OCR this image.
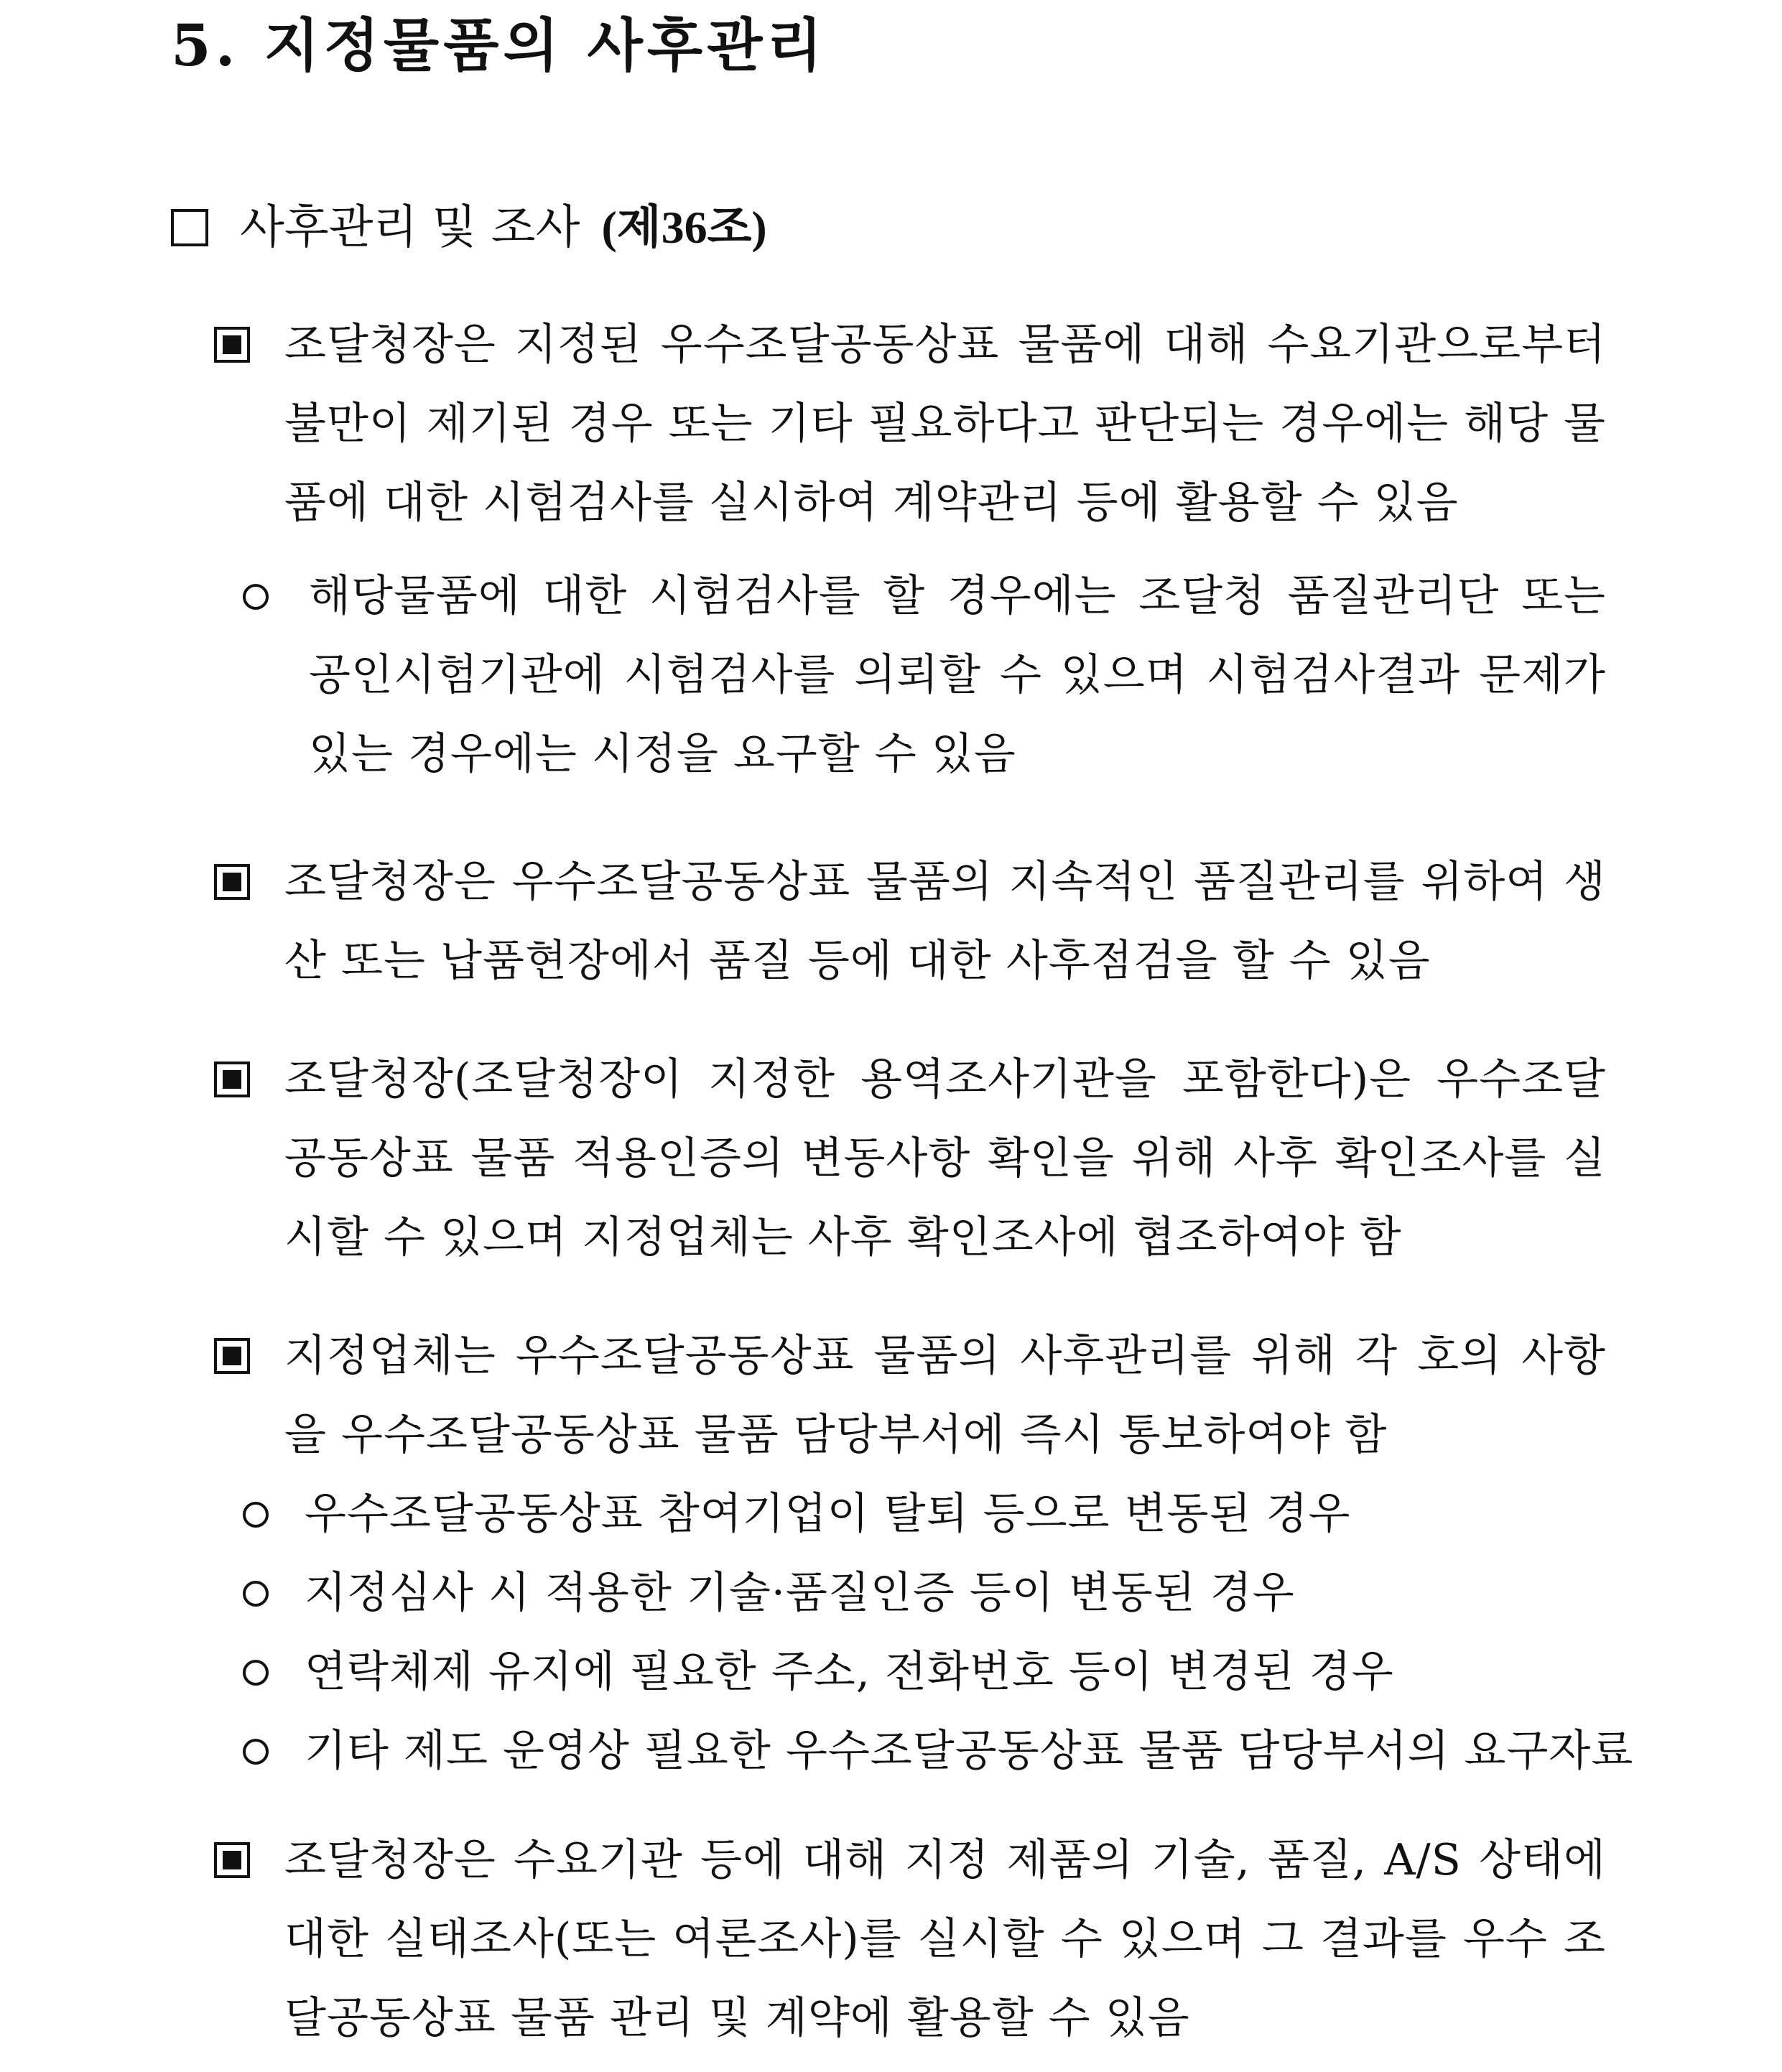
5. 지정물품의 사후관리
사후관리 및 조사 (제36조)
조달청장은 지정된 우수조달공동상표 물품에 대해 수요기관으로부터 불만이 제기된 경우 또는 기타 필요하다고 판단되는 경우에는 해당 물품에 대한 시험검사를 실시하여 계약관리 등에 활용할 수 있음
해당물품에 대한 시험검사를 할 경우에는 조달청 품질관리단 또는 공인시험기관에 시험검사를 의뢰할 수 있으며 시험검사결과 문제가 있는 경우에는 시정을 요구할 수 있음
조달청장은 우수조달공동상표 물품의 지속적인 품질관리를 위하여 생산 또는 납품현장에서 품질 등에 대한 사후점검을 할 수 있음
조달청장(조달청장이 지정한 용역조사기관을 포함한다)은 우수조달 공동상표 물품 적용인증의 변동사항 확인을 위해 사후 확인조사를 실시할 수 있으며 지정업체는 사후 확인조사에 협조하여야 함
지정업체는 우수조달공동상표 물품의 사후관리를 위해 각 호의 사항을 우수조달공동상표 물품 담당부서에 즉시 통보하여야 함
우수조달공동상표 참여기업이 탈퇴 등으로 변동된 경우
지정심사 시 적용한 기술·품질인증 등이 변동된 경우
연락체제 유지에 필요한 주소, 전화번호 등이 변경된 경우
기타 제도 운영상 필요한 우수조달공동상표 물품 담당부서의 요구자료
조달청장은 수요기관 등에 대해 지정 제품의 기술, 품질, A/S 상태에 대한 실태조사(또는 여론조사)를 실시할 수 있으며 그 결과를 우수 조달공동상표 물품 관리 및 계약에 활용할 수 있음
